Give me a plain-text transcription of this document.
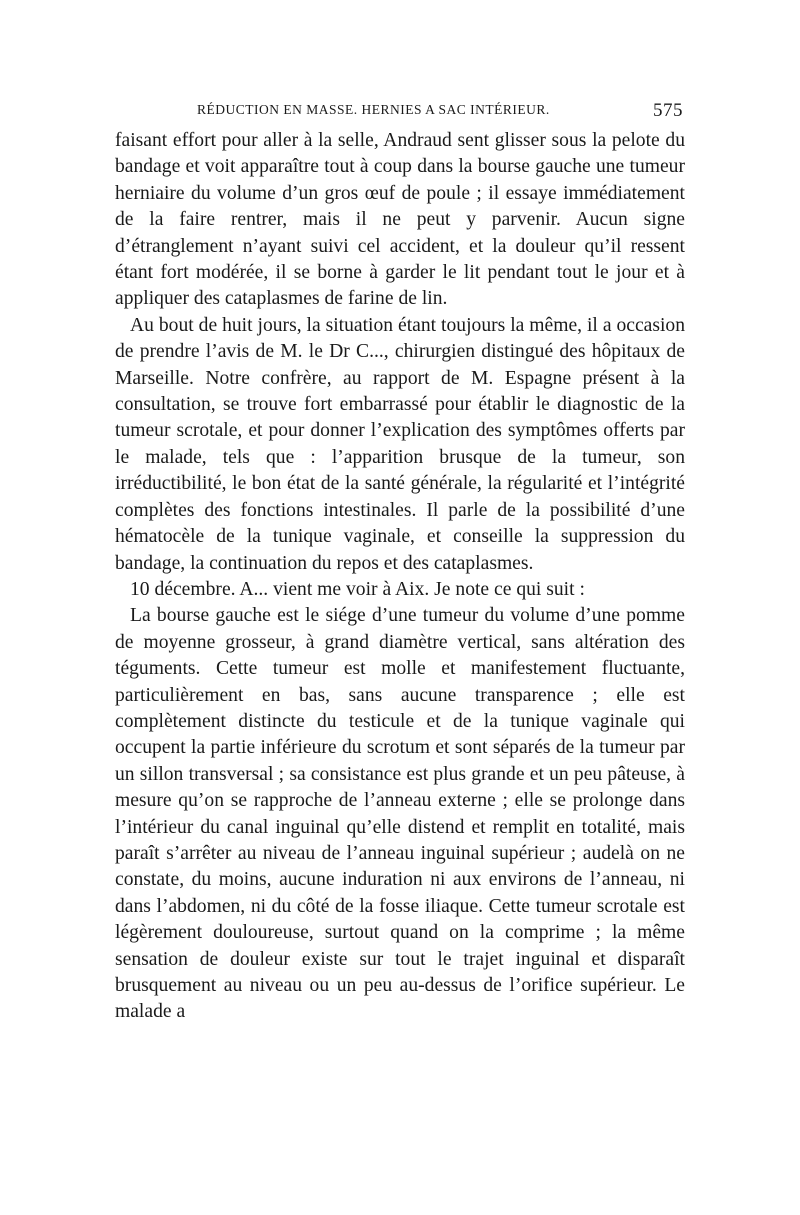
RÉDUCTION EN MASSE. HERNIES A SAC INTÉRIEUR.	575

faisant effort pour aller à la selle, Andraud sent glisser sous la pelote du bandage et voit apparaître tout à coup dans la bourse gauche une tumeur herniaire du volume d’un gros œuf de poule ; il essaye immédiatement de la faire rentrer, mais il ne peut y parvenir. Aucun signe d’étranglement n’ayant suivi cel accident, et la douleur qu’il ressent étant fort modérée, il se borne à garder le lit pendant tout le jour et à appliquer des cataplasmes de farine de lin.

Au bout de huit jours, la situation étant toujours la même, il a occasion de prendre l’avis de M. le Dr C..., chirurgien distingué des hôpitaux de Marseille. Notre confrère, au rapport de M. Espagne présent à la consultation, se trouve fort embarrassé pour établir le diagnostic de la tumeur scrotale, et pour donner l’explication des symptômes offerts par le malade, tels que : l’apparition brusque de la tumeur, son irréductibilité, le bon état de la santé générale, la régularité et l’intégrité complètes des fonctions intestinales. Il parle de la possibilité d’une hématocèle de la tunique vaginale, et conseille la suppression du bandage, la continuation du repos et des cataplasmes.

10 décembre. A... vient me voir à Aix. Je note ce qui suit :

La bourse gauche est le siége d’une tumeur du volume d’une pomme de moyenne grosseur, à grand diamètre vertical, sans altération des téguments. Cette tumeur est molle et manifestement fluctuante, particulièrement en bas, sans aucune transparence ; elle est complètement distincte du testicule et de la tunique vaginale qui occupent la partie inférieure du scrotum et sont séparés de la tumeur par un sillon transversal ; sa consistance est plus grande et un peu pâteuse, à mesure qu’on se rapproche de l’anneau externe ; elle se prolonge dans l’intérieur du canal inguinal qu’elle distend et remplit en totalité, mais paraît s’arrêter au niveau de l’anneau inguinal supérieur ; audelà on ne constate, du moins, aucune induration ni aux environs de l’anneau, ni dans l’abdomen, ni du côté de la fosse iliaque. Cette tumeur scrotale est légèrement douloureuse, surtout quand on la comprime ; la même sensation de douleur existe sur tout le trajet inguinal et disparaît brusquement au niveau ou un peu au-dessus de l’orifice supérieur. Le malade a
